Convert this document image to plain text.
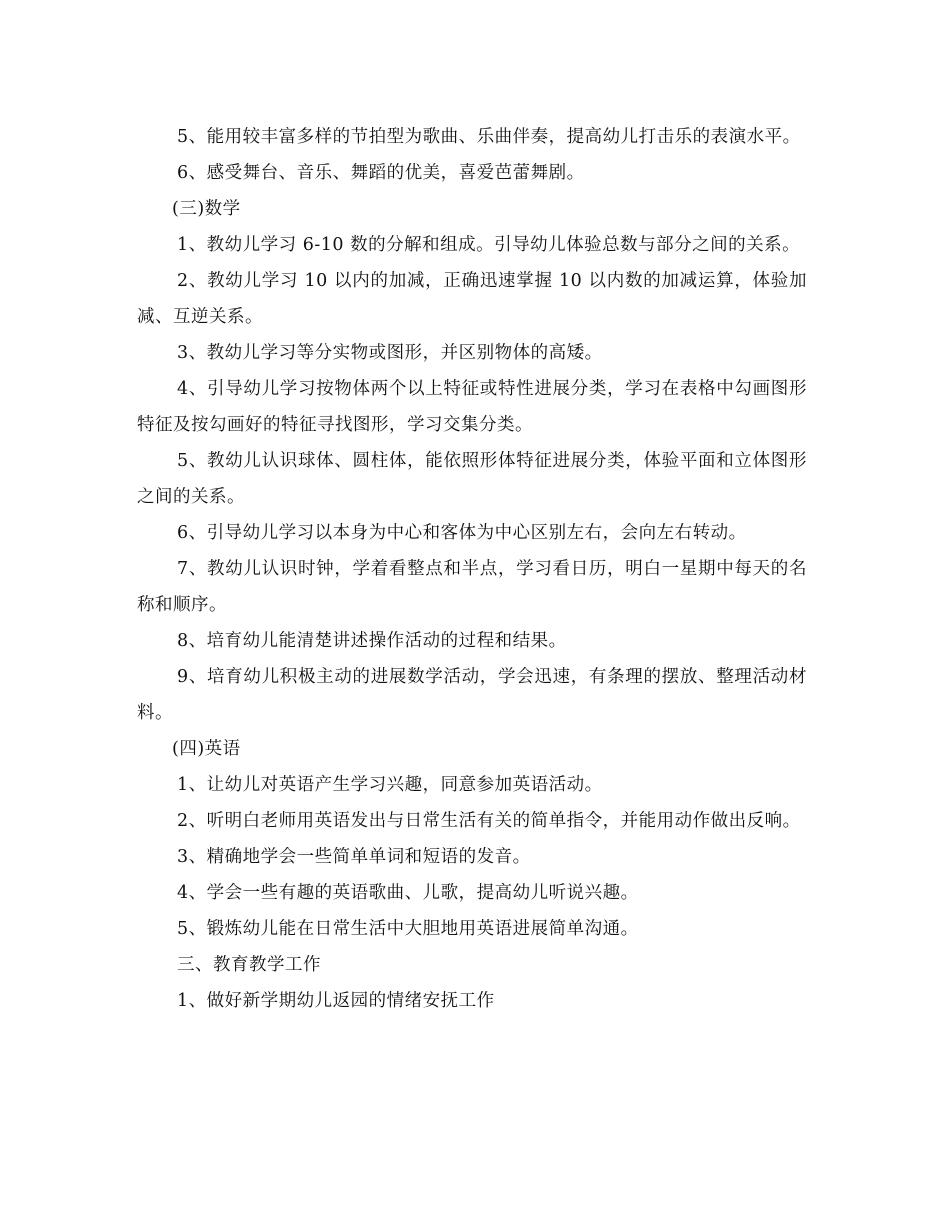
5、能用较丰富多样的节拍型为歌曲、乐曲伴奏，提高幼儿打击乐的表演水平。

6、感受舞台、音乐、舞蹈的优美，喜爱芭蕾舞剧。

(三)数学

1、教幼儿学习 6-10 数的分解和组成。引导幼儿体验总数与部分之间的关系。

2、教幼儿学习 10 以内的加减，正确迅速掌握 10 以内数的加减运算，体验加减、互逆关系。

3、教幼儿学习等分实物或图形，并区别物体的高矮。

4、引导幼儿学习按物体两个以上特征或特性进展分类，学习在表格中勾画图形特征及按勾画好的特征寻找图形，学习交集分类。

5、教幼儿认识球体、圆柱体，能依照形体特征进展分类，体验平面和立体图形之间的关系。

6、引导幼儿学习以本身为中心和客体为中心区别左右，会向左右转动。

7、教幼儿认识时钟，学着看整点和半点，学习看日历，明白一星期中每天的名称和顺序。

8、培育幼儿能清楚讲述操作活动的过程和结果。

9、培育幼儿积极主动的进展数学活动，学会迅速，有条理的摆放、整理活动材料。

(四)英语

1、让幼儿对英语产生学习兴趣，同意参加英语活动。

2、听明白老师用英语发出与日常生活有关的简单指令，并能用动作做出反响。

3、精确地学会一些简单单词和短语的发音。

4、学会一些有趣的英语歌曲、儿歌，提高幼儿听说兴趣。

5、锻炼幼儿能在日常生活中大胆地用英语进展简单沟通。

三、教育教学工作

1、做好新学期幼儿返园的情绪安抚工作
